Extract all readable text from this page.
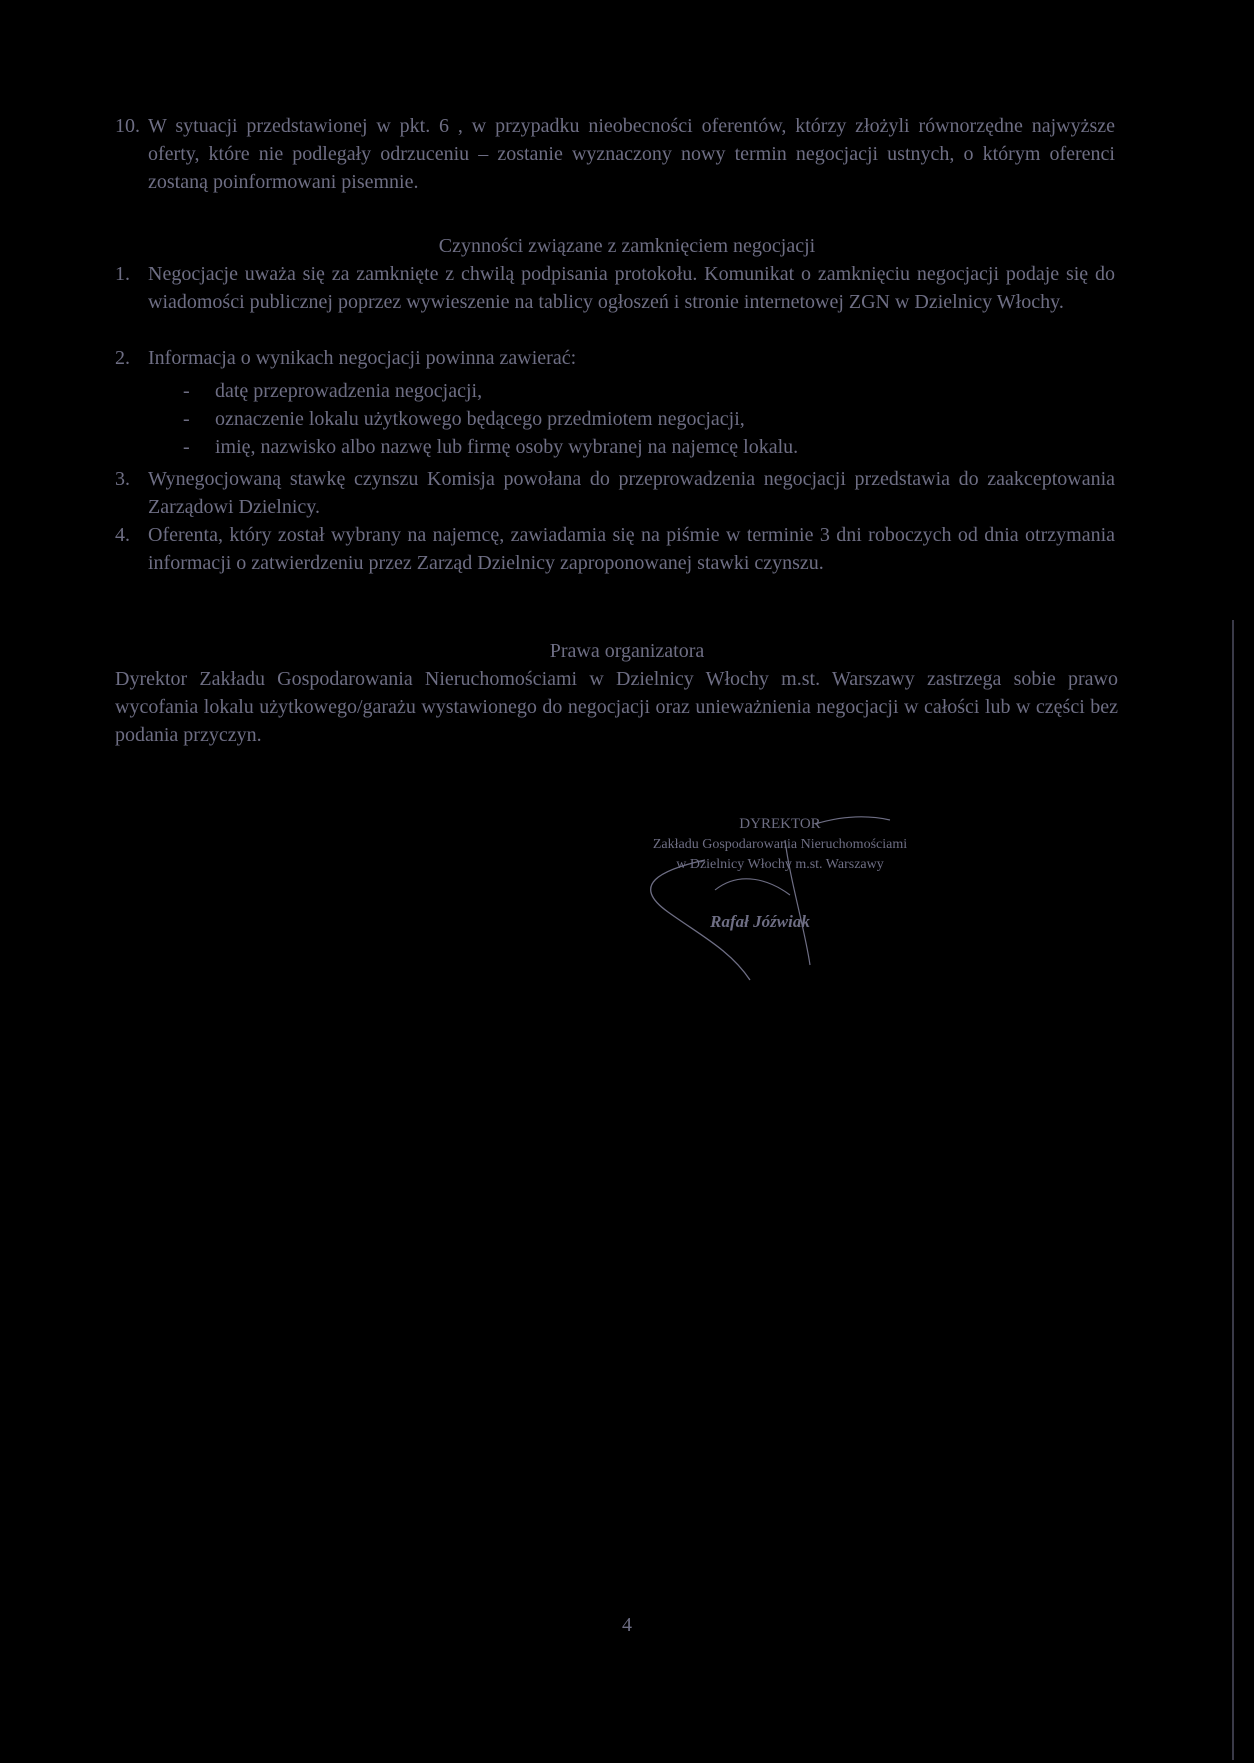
10. W sytuacji przedstawionej w pkt. 6 , w przypadku nieobecności oferentów, którzy złożyli równorzędne najwyższe oferty, które nie podlegały odrzuceniu – zostanie wyznaczony nowy termin negocjacji ustnych, o którym oferenci zostaną poinformowani pisemnie.
Czynności związane z zamknięciem negocjacji
1. Negocjacje uważa się za zamknięte z chwilą podpisania protokołu. Komunikat o zamknięciu negocjacji podaje się do wiadomości publicznej poprzez wywieszenie na tablicy ogłoszeń i stronie internetowej ZGN w Dzielnicy Włochy.
2. Informacja o wynikach negocjacji powinna zawierać:
- datę przeprowadzenia negocjacji,
- oznaczenie lokalu użytkowego będącego przedmiotem negocjacji,
- imię, nazwisko albo nazwę lub firmę osoby wybranej na najemcę lokalu.
3. Wynegocjowaną stawkę czynszu Komisja powołana do przeprowadzenia negocjacji przedstawia do zaakceptowania Zarządowi Dzielnicy.
4. Oferenta, który został wybrany na najemcę, zawiadamia się na piśmie w terminie 3 dni roboczych od dnia otrzymania informacji o zatwierdzeniu przez Zarząd Dzielnicy zaproponowanej stawki czynszu.
Prawa organizatora
Dyrektor Zakładu Gospodarowania Nieruchomościami w Dzielnicy Włochy m.st. Warszawy zastrzega sobie prawo wycofania lokalu użytkowego/garażu wystawionego do negocjacji oraz unieważnienia negocjacji w całości lub w części bez podania przyczyn.
DYREKTOR
Zakładu Gospodarowania Nieruchomościami
w Dzielnicy Włochy m.st. Warszawy
Rafał Jóźwiak
4
